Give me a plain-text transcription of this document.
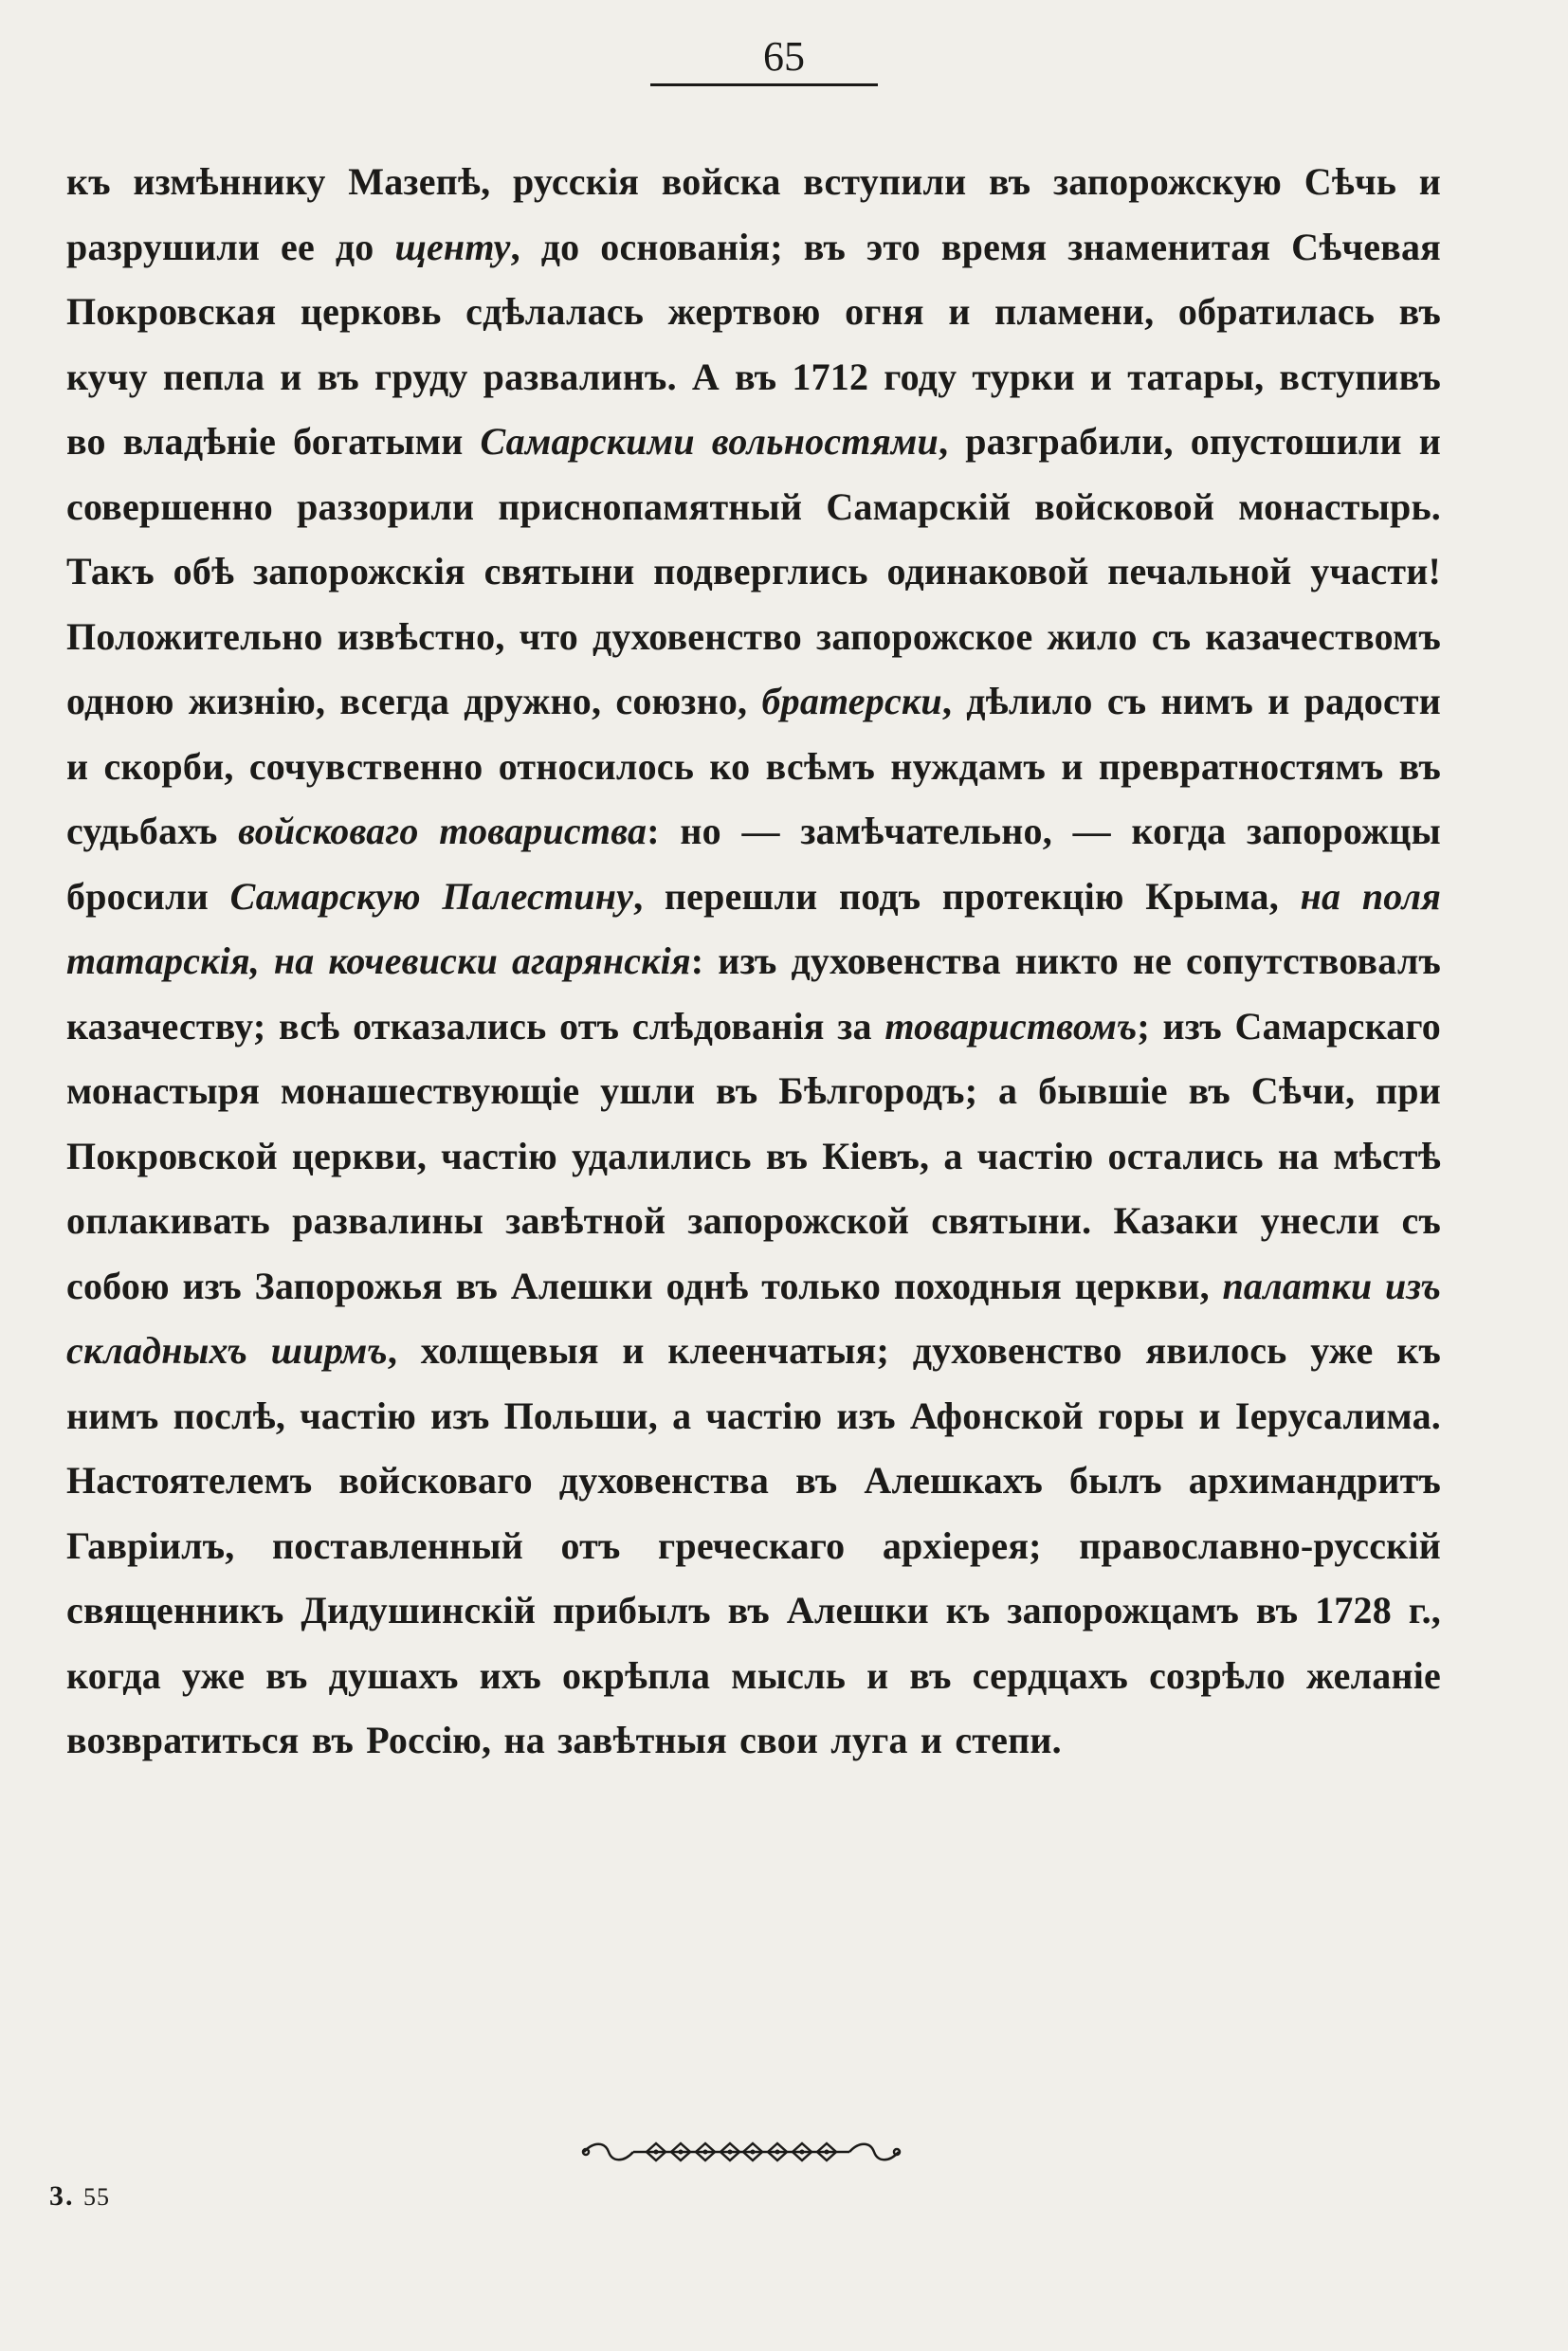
65

къ измѣннику Мазепѣ, русскія войска вступили въ запорожскую Сѣчь и разрушили ее до щенту, до основанія; въ это время знаменитая Сѣчевая Покровская церковь сдѣлалась жертвою огня и пламени, обратилась въ кучу пепла и въ груду развалинъ. А въ 1712 году турки и татары, вступивъ во владѣніе богатыми Самарскими вольностями, разграбили, опустошили и совершенно раззорили приснопамятный Самарскій войсковой монастырь. Такъ обѣ запорожскія святыни подверглись одинаковой печальной участи! Положительно извѣстно, что духовенство запорожское жило съ казачествомъ одною жизнію, всегда дружно, союзно, братерски, дѣлило съ нимъ и радости и скорби, сочувственно относилось ко всѣмъ нуждамъ и превратностямъ въ судьбахъ войсковаго товариства: но — замѣчательно, — когда запорожцы бросили Самарскую Палестину, перешли подъ протекцію Крыма, на поля татарскія, на кочевиски агарянскія: изъ духовенства никто не сопутствовалъ казачеству; всѣ отказались отъ слѣдованія за товариствомъ; изъ Самарскаго монастыря монашествующіе ушли въ Бѣлгородъ; а бывшіе въ Сѣчи, при Покровской церкви, частію удалились въ Кіевъ, а частію остались на мѣстѣ оплакивать развалины завѣтной запорожской святыни. Казаки унесли съ собою изъ Запорожья въ Алешки однѣ только походныя церкви, палатки изъ складныхъ ширмъ, холщевыя и клеенчатыя; духовенство явилось уже къ нимъ послѣ, частію изъ Польши, а частію изъ Афонской горы и Іерусалима. Настоятелемъ войсковаго духовенства въ Алешкахъ былъ архимандритъ Гавріилъ, поставленный отъ греческаго архіерея; православно-русскій священникъ Дидушинскій прибылъ въ Алешки къ запорожцамъ въ 1728 г., когда уже въ душахъ ихъ окрѣпла мысль и въ сердцахъ созрѣло желаніе возвратиться въ Россію, на завѣтныя свои луга и степи.

3. 55
